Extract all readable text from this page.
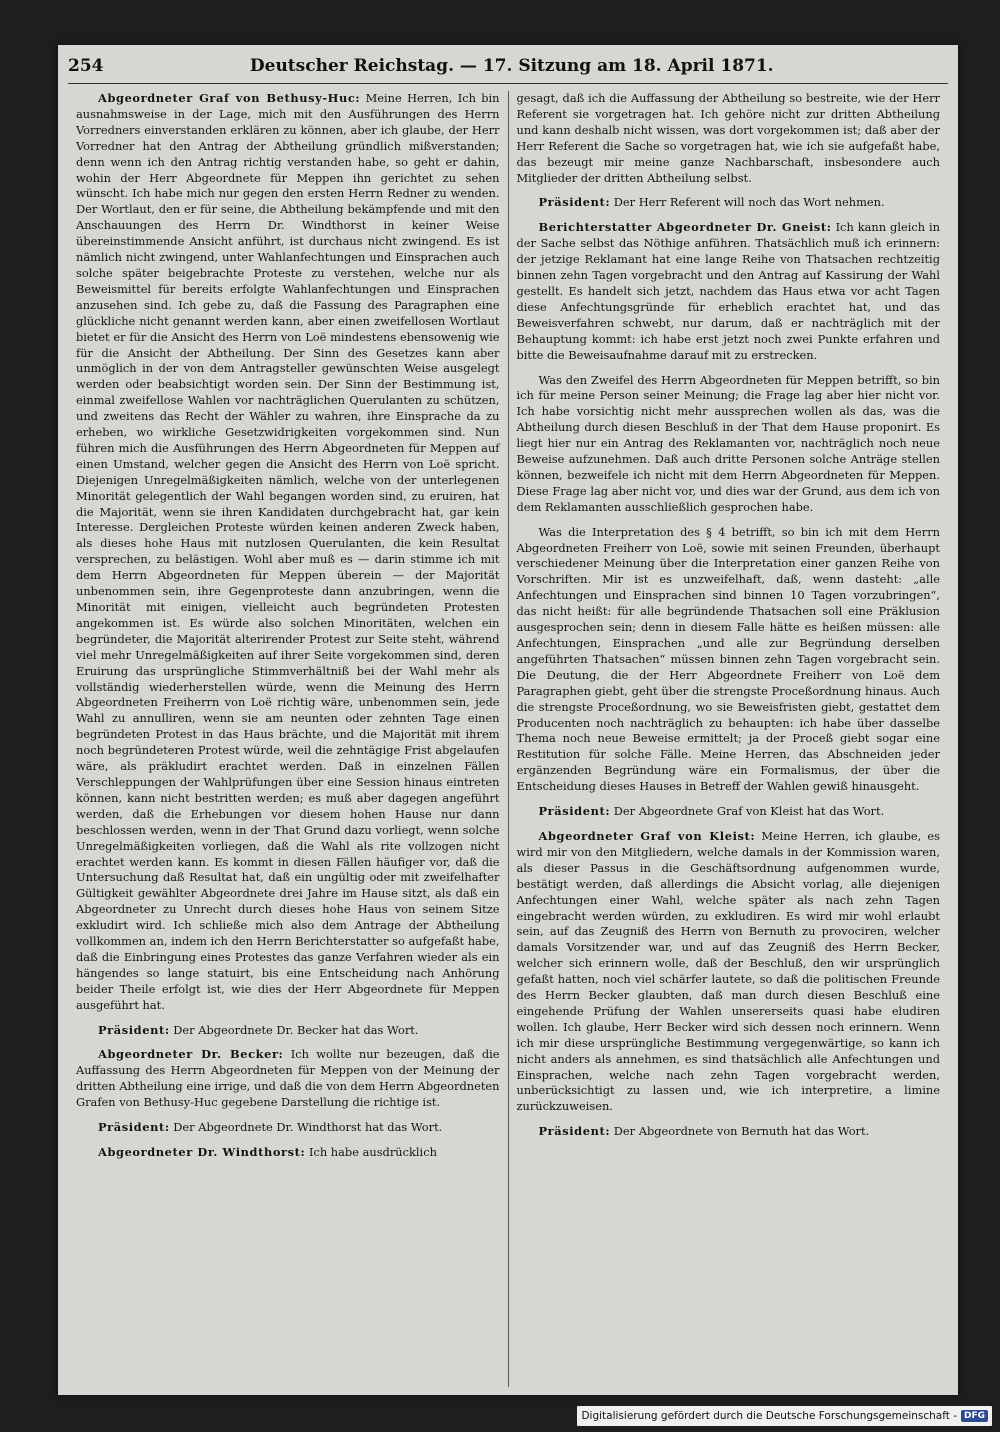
254	Deutscher Reichstag. — 17. Sitzung am 18. April 1871.

Abgeordneter Graf von Bethusy-Huc: Meine Herren, Ich bin ausnahmsweise in der Lage, mich mit den Ausführungen des Herrn Vorredners einverstanden erklären zu können, aber ich glaube, der Herr Vorredner hat den Antrag der Abtheilung gründlich mißverstanden; denn wenn ich den Antrag richtig verstanden habe, so geht er dahin, wohin der Herr Abgeordnete für Meppen ihn gerichtet zu sehen wünscht. Ich habe mich nur gegen den ersten Herrn Redner zu wenden. Der Wortlaut, den er für seine, die Abtheilung bekämpfende und mit den Anschauungen des Herrn Dr. Windthorst in keiner Weise übereinstimmende Ansicht anführt, ist durchaus nicht zwingend. Es ist nämlich nicht zwingend, unter Wahlanfechtungen und Einsprachen auch solche später beigebrachte Proteste zu verstehen, welche nur als Beweismittel für bereits erfolgte Wahlanfechtungen und Einsprachen anzusehen sind. Ich gebe zu, daß die Fassung des Paragraphen eine glückliche nicht genannt werden kann, aber einen zweifellosen Wortlaut bietet er für die Ansicht des Herrn von Loë mindestens ebensowenig wie für die Ansicht der Abtheilung. Der Sinn des Gesetzes kann aber unmöglich in der von dem Antragsteller gewünschten Weise ausgelegt werden oder beabsichtigt worden sein. Der Sinn der Bestimmung ist, einmal zweifellose Wahlen vor nachträglichen Querulanten zu schützen, und zweitens das Recht der Wähler zu wahren, ihre Einsprache da zu erheben, wo wirkliche Gesetzwidrigkeiten vorgekommen sind. Nun führen mich die Ausführungen des Herrn Abgeordneten für Meppen auf einen Umstand, welcher gegen die Ansicht des Herrn von Loë spricht. Diejenigen Unregelmäßigkeiten nämlich, welche von der unterlegenen Minorität gelegentlich der Wahl begangen worden sind, zu eruiren, hat die Majorität, wenn sie ihren Kandidaten durchgebracht hat, gar kein Interesse. Dergleichen Proteste würden keinen anderen Zweck haben, als dieses hohe Haus mit nutzlosen Querulanten, die kein Resultat versprechen, zu belästigen. Wohl aber muß es — darin stimme ich mit dem Herrn Abgeordneten für Meppen überein — der Majorität unbenommen sein, ihre Gegenproteste dann anzubringen, wenn die Minorität mit einigen, vielleicht auch begründeten Protesten angekommen ist. Es würde also solchen Minoritäten, welchen ein begründeter, die Majorität alterirender Protest zur Seite steht, während viel mehr Unregelmäßigkeiten auf ihrer Seite vorgekommen sind, deren Eruirung das ursprüngliche Stimmverhältniß bei der Wahl mehr als vollständig wiederherstellen würde, wenn die Meinung des Herrn Abgeordneten Freiherrn von Loë richtig wäre, unbenommen sein, jede Wahl zu annulliren, wenn sie am neunten oder zehnten Tage einen begründeten Protest in das Haus brächte, und die Majorität mit ihrem noch begründeteren Protest würde, weil die zehntägige Frist abgelaufen wäre, als präkludirt erachtet werden. Daß in einzelnen Fällen Verschleppungen der Wahlprüfungen über eine Session hinaus eintreten können, kann nicht bestritten werden; es muß aber dagegen angeführt werden, daß die Erhebungen vor diesem hohen Hause nur dann beschlossen werden, wenn in der That Grund dazu vorliegt, wenn solche Unregelmäßigkeiten vorliegen, daß die Wahl als rite vollzogen nicht erachtet werden kann. Es kommt in diesen Fällen häufiger vor, daß die Untersuchung daß Resultat hat, daß ein ungültig oder mit zweifelhafter Gültigkeit gewählter Abgeordnete drei Jahre im Hause sitzt, als daß ein Abgeordneter zu Unrecht durch dieses hohe Haus von seinem Sitze exkludirt wird. Ich schließe mich also dem Antrage der Abtheilung vollkommen an, indem ich den Herrn Berichterstatter so aufgefaßt habe, daß die Einbringung eines Protestes das ganze Verfahren wieder als ein hängendes so lange statuirt, bis eine Entscheidung nach Anhörung beider Theile erfolgt ist, wie dies der Herr Abgeordnete für Meppen ausgeführt hat.

Präsident: Der Abgeordnete Dr. Becker hat das Wort.

Abgeordneter Dr. Becker: Ich wollte nur bezeugen, daß die Auffassung des Herrn Abgeordneten für Meppen von der Meinung der dritten Abtheilung eine irrige, und daß die von dem Herrn Abgeordneten Grafen von Bethusy-Huc gegebene Darstellung die richtige ist.

Präsident: Der Abgeordnete Dr. Windthorst hat das Wort.

Abgeordneter Dr. Windthorst: Ich habe ausdrücklich

gesagt, daß ich die Auffassung der Abtheilung so bestreite, wie der Herr Referent sie vorgetragen hat. Ich gehöre nicht zur dritten Abtheilung und kann deshalb nicht wissen, was dort vorgekommen ist; daß aber der Herr Referent die Sache so vorgetragen hat, wie ich sie aufgefaßt habe, das bezeugt mir meine ganze Nachbarschaft, insbesondere auch Mitglieder der dritten Abtheilung selbst.

Präsident: Der Herr Referent will noch das Wort nehmen.

Berichterstatter Abgeordneter Dr. Gneist: Ich kann gleich in der Sache selbst das Nöthige anführen. Thatsächlich muß ich erinnern: der jetzige Reklamant hat eine lange Reihe von Thatsachen rechtzeitig binnen zehn Tagen vorgebracht und den Antrag auf Kassirung der Wahl gestellt. Es handelt sich jetzt, nachdem das Haus etwa vor acht Tagen diese Anfechtungsgründe für erheblich erachtet hat, und das Beweisverfahren schwebt, nur darum, daß er nachträglich mit der Behauptung kommt: ich habe erst jetzt noch zwei Punkte erfahren und bitte die Beweisaufnahme darauf mit zu erstrecken.

Was den Zweifel des Herrn Abgeordneten für Meppen betrifft, so bin ich für meine Person seiner Meinung; die Frage lag aber hier nicht vor. Ich habe vorsichtig nicht mehr aussprechen wollen als das, was die Abtheilung durch diesen Beschluß in der That dem Hause proponirt. Es liegt hier nur ein Antrag des Reklamanten vor, nachträglich noch neue Beweise aufzunehmen. Daß auch dritte Personen solche Anträge stellen können, bezweifele ich nicht mit dem Herrn Abgeordneten für Meppen. Diese Frage lag aber nicht vor, und dies war der Grund, aus dem ich von dem Reklamanten ausschließlich gesprochen habe.

Was die Interpretation des § 4 betrifft, so bin ich mit dem Herrn Abgeordneten Freiherr von Loë, sowie mit seinen Freunden, überhaupt verschiedener Meinung über die Interpretation einer ganzen Reihe von Vorschriften. Mir ist es unzweifelhaft, daß, wenn dasteht: „alle Anfechtungen und Einsprachen sind binnen 10 Tagen vorzubringen“, das nicht heißt: für alle begründende Thatsachen soll eine Präklusion ausgesprochen sein; denn in diesem Falle hätte es heißen müssen: alle Anfechtungen, Einsprachen „und alle zur Begründung derselben angeführten Thatsachen“ müssen binnen zehn Tagen vorgebracht sein. Die Deutung, die der Herr Abgeordnete Freiherr von Loë dem Paragraphen giebt, geht über die strengste Proceßordnung hinaus. Auch die strengste Proceßordnung, wo sie Beweisfristen giebt, gestattet dem Producenten noch nachträglich zu behaupten: ich habe über dasselbe Thema noch neue Beweise ermittelt; ja der Proceß giebt sogar eine Restitution für solche Fälle. Meine Herren, das Abschneiden jeder ergänzenden Begründung wäre ein Formalismus, der über die Entscheidung dieses Hauses in Betreff der Wahlen gewiß hinausgeht.

Präsident: Der Abgeordnete Graf von Kleist hat das Wort.

Abgeordneter Graf von Kleist: Meine Herren, ich glaube, es wird mir von den Mitgliedern, welche damals in der Kommission waren, als dieser Passus in die Geschäftsordnung aufgenommen wurde, bestätigt werden, daß allerdings die Absicht vorlag, alle diejenigen Anfechtungen einer Wahl, welche später als nach zehn Tagen eingebracht werden würden, zu exkludiren. Es wird mir wohl erlaubt sein, auf das Zeugniß des Herrn von Bernuth zu provociren, welcher damals Vorsitzender war, und auf das Zeugniß des Herrn Becker, welcher sich erinnern wolle, daß der Beschluß, den wir ursprünglich gefaßt hatten, noch viel schärfer lautete, so daß die politischen Freunde des Herrn Becker glaubten, daß man durch diesen Beschluß eine eingehende Prüfung der Wahlen unsererseits quasi habe eludiren wollen. Ich glaube, Herr Becker wird sich dessen noch erinnern. Wenn ich mir diese ursprüngliche Bestimmung vergegenwärtige, so kann ich nicht anders als annehmen, es sind thatsächlich alle Anfechtungen und Einsprachen, welche nach zehn Tagen vorgebracht werden, unberücksichtigt zu lassen und, wie ich interpretire, a limine zurückzuweisen.

Präsident: Der Abgeordnete von Bernuth hat das Wort.

Digitalisierung gefördert durch die Deutsche Forschungsgemeinschaft - DFG
